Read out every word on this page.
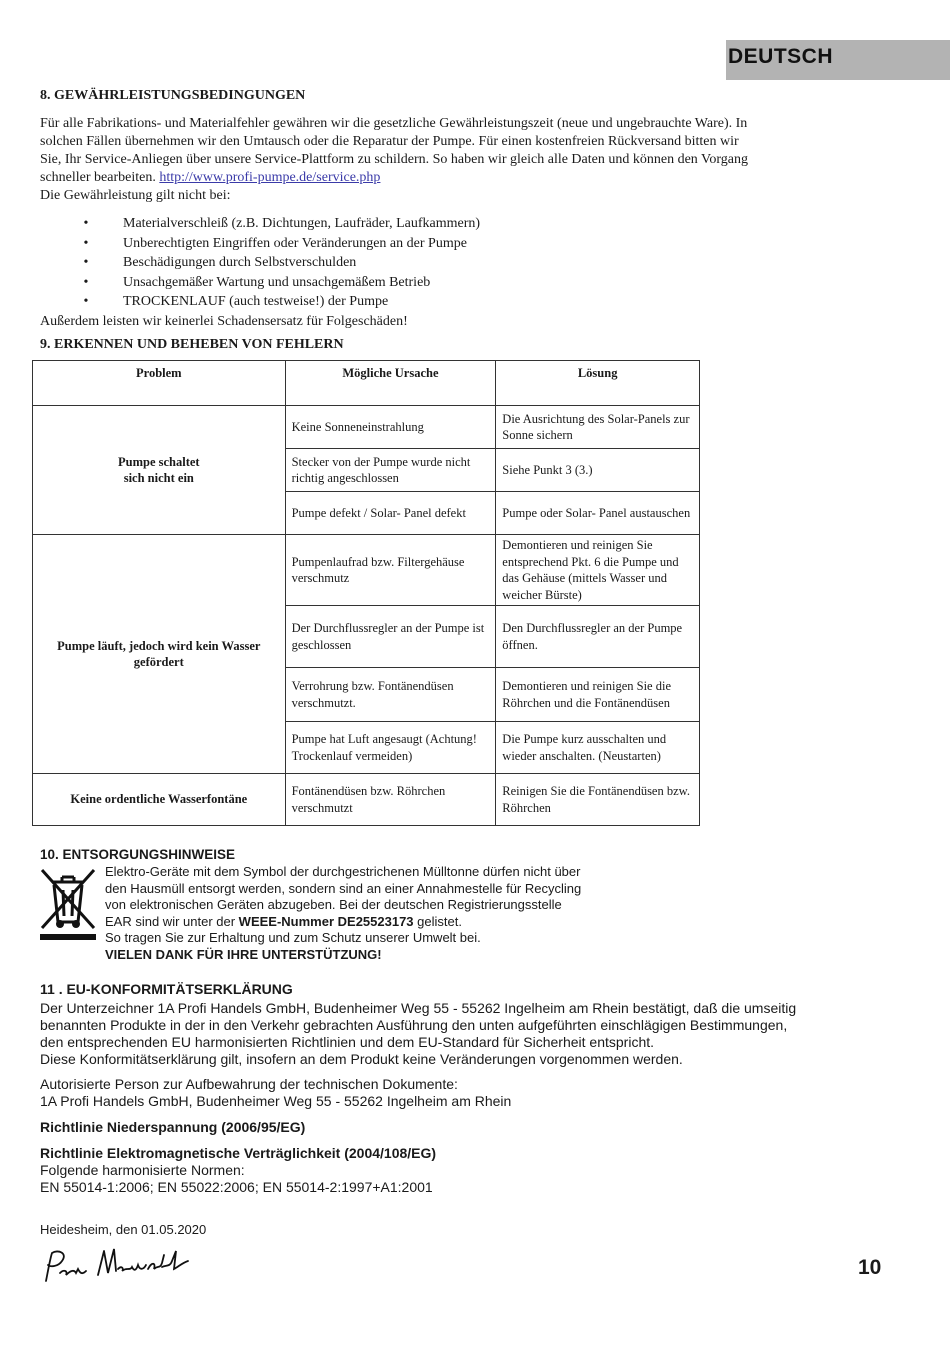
DEUTSCH
8. GEWÄHRLEISTUNGSBEDINGUNGEN
Für alle Fabrikations- und Materialfehler gewähren wir die gesetzliche Gewährleistungszeit (neue und ungebrauchte Ware). In
solchen Fällen übernehmen wir den Umtausch oder die Reparatur der Pumpe. Für einen kostenfreien Rückversand bitten wir
Sie, Ihr Service-Anliegen über unsere Service-Plattform zu schildern. So haben wir gleich alle Daten und können den Vorgang
schneller bearbeiten. http://www.profi-pumpe.de/service.php
Die Gewährleistung gilt nicht bei:
• Materialverschleiß (z.B. Dichtungen, Laufräder, Laufkammern)
• Unberechtigten Eingriffen oder Veränderungen an der Pumpe
• Beschädigungen durch Selbstverschulden
• Unsachgemäßer Wartung und unsachgemäßem Betrieb
• TROCKENLAUF (auch testweise!) der Pumpe
Außerdem leisten wir keinerlei Schadensersatz für Folgeschäden!
9. ERKENNEN UND BEHEBEN VON FEHLERN
Problem	Mögliche Ursache	Lösung
Pumpe schaltet sich nicht ein	Keine Sonneneinstrahlung	Die Ausrichtung des Solar-Panels zur Sonne sichern
	Stecker von der Pumpe wurde nicht richtig angeschlossen	Siehe Punkt 3 (3.)
	Pumpe defekt / Solar- Panel defekt	Pumpe oder Solar- Panel austauschen
Pumpe läuft, jedoch wird kein Wasser gefördert	Pumpenlaufrad bzw. Filtergehäuse verschmutz	Demontieren und reinigen Sie entsprechend Pkt. 6 die Pumpe und das Gehäuse (mittels Wasser und weicher Bürste)
	Der Durchflussregler an der Pumpe ist geschlossen	Den Durchflussregler an der Pumpe öffnen.
	Verrohrung bzw. Fontänendüsen verschmutzt.	Demontieren und reinigen Sie die Röhrchen und die Fontänendüsen
	Pumpe hat Luft angesaugt (Achtung! Trockenlauf vermeiden)	Die Pumpe kurz ausschalten und wieder anschalten. (Neustarten)
Keine ordentliche Wasserfontäne	Fontänendüsen bzw. Röhrchen verschmutzt	Reinigen Sie die Fontänendüsen bzw. Röhrchen
10. ENTSORGUNGSHINWEISE
Elektro-Geräte mit dem Symbol der durchgestrichenen Mülltonne dürfen nicht über
den Hausmüll entsorgt werden, sondern sind an einer Annahmestelle für Recycling
von elektronischen Geräten abzugeben. Bei der deutschen Registrierungsstelle
EAR sind wir unter der WEEE-Nummer DE25523173 gelistet.
So tragen Sie zur Erhaltung und zum Schutz unserer Umwelt bei.
VIELEN DANK FÜR IHRE UNTERSTÜTZUNG!
11 . EU-KONFORMITÄTSERKLÄRUNG
Der Unterzeichner 1A Profi Handels GmbH, Budenheimer Weg 55 - 55262 Ingelheim am Rhein bestätigt, daß die umseitig
benannten Produkte in der in den Verkehr gebrachten Ausführung den unten aufgeführten einschlägigen Bestimmungen,
den entsprechenden EU harmonisierten Richtlinien und dem EU-Standard für Sicherheit entspricht.
Diese Konformitätserklärung gilt, insofern an dem Produkt keine Veränderungen vorgenommen werden.
Autorisierte Person zur Aufbewahrung der technischen Dokumente:
1A Profi Handels GmbH, Budenheimer Weg 55 - 55262 Ingelheim am Rhein
Richtlinie Niederspannung (2006/95/EG)
Richtlinie Elektromagnetische Verträglichkeit (2004/108/EG)
Folgende harmonisierte Normen:
EN 55014-1:2006; EN 55022:2006; EN 55014-2:1997+A1:2001
Heidesheim, den 01.05.2020
10
